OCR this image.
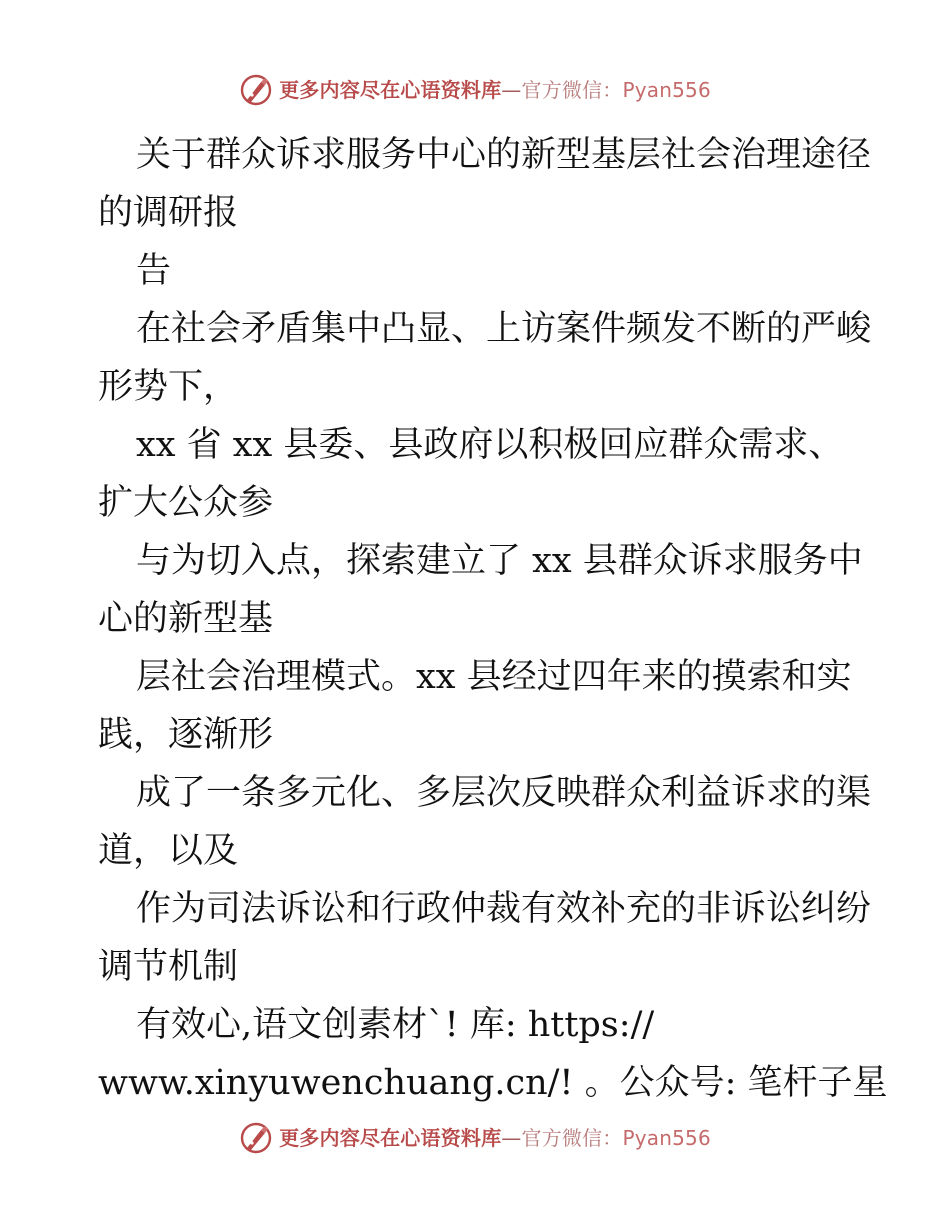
更多内容尽在心语资料库—官方微信：Pyan556
关于群众诉求服务中心的新型基层社会治理途径
的调研报
告
在社会矛盾集中凸显、上访案件频发不断的严峻
形势下，
xx 省 xx 县委、县政府以积极回应群众需求、
扩大公众参
与为切入点，探索建立了 xx 县群众诉求服务中
心的新型基
层社会治理模式。xx 县经过四年来的摸索和实
践，逐渐形
成了一条多元化、多层次反映群众利益诉求的渠
道，以及
作为司法诉讼和行政仲裁有效补充的非诉讼纠纷
调节机制
有效心,语文创素材`! 库: https://
www.xinyuwenchuang.cn/! 。公众号: 笔杆子星
更多内容尽在心语资料库—官方微信：Pyan556
